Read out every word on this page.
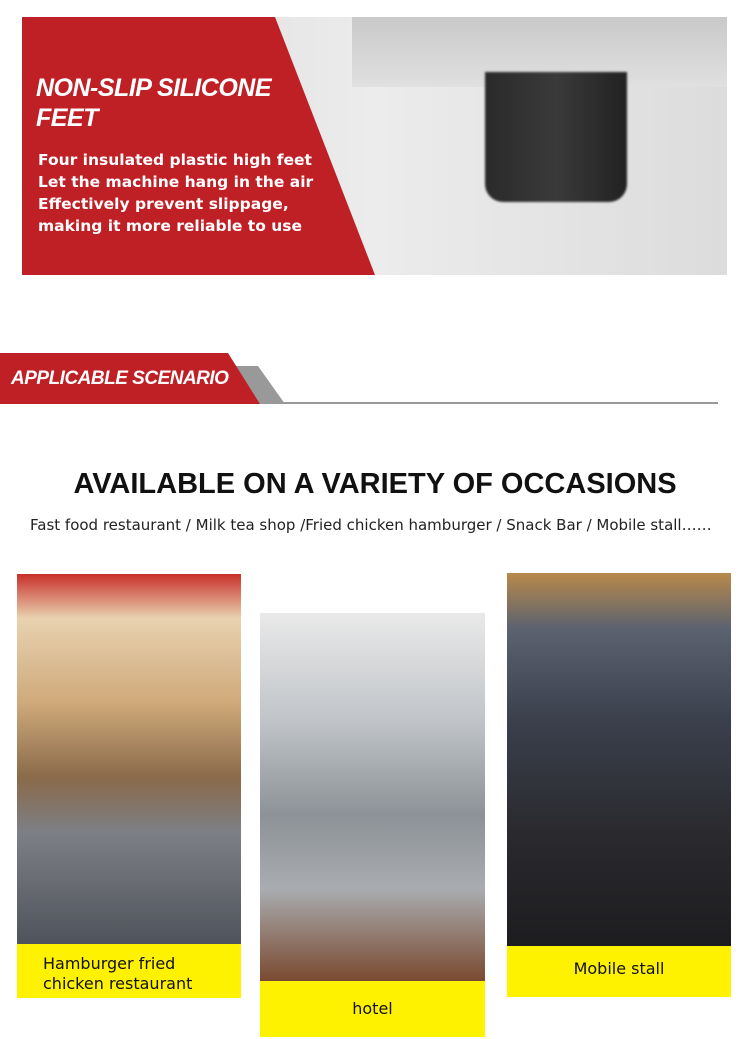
NON-SLIP SILICONE FEET
Four insulated plastic high feet
Let the machine hang in the air
Effectively prevent slippage,
making it more reliable to use
APPLICABLE SCENARIO
AVAILABLE ON A VARIETY OF OCCASIONS
Fast food restaurant / Milk tea shop /Fried chicken hamburger / Snack Bar / Mobile stall……
Hamburger fried chicken restaurant
hotel
Mobile stall
